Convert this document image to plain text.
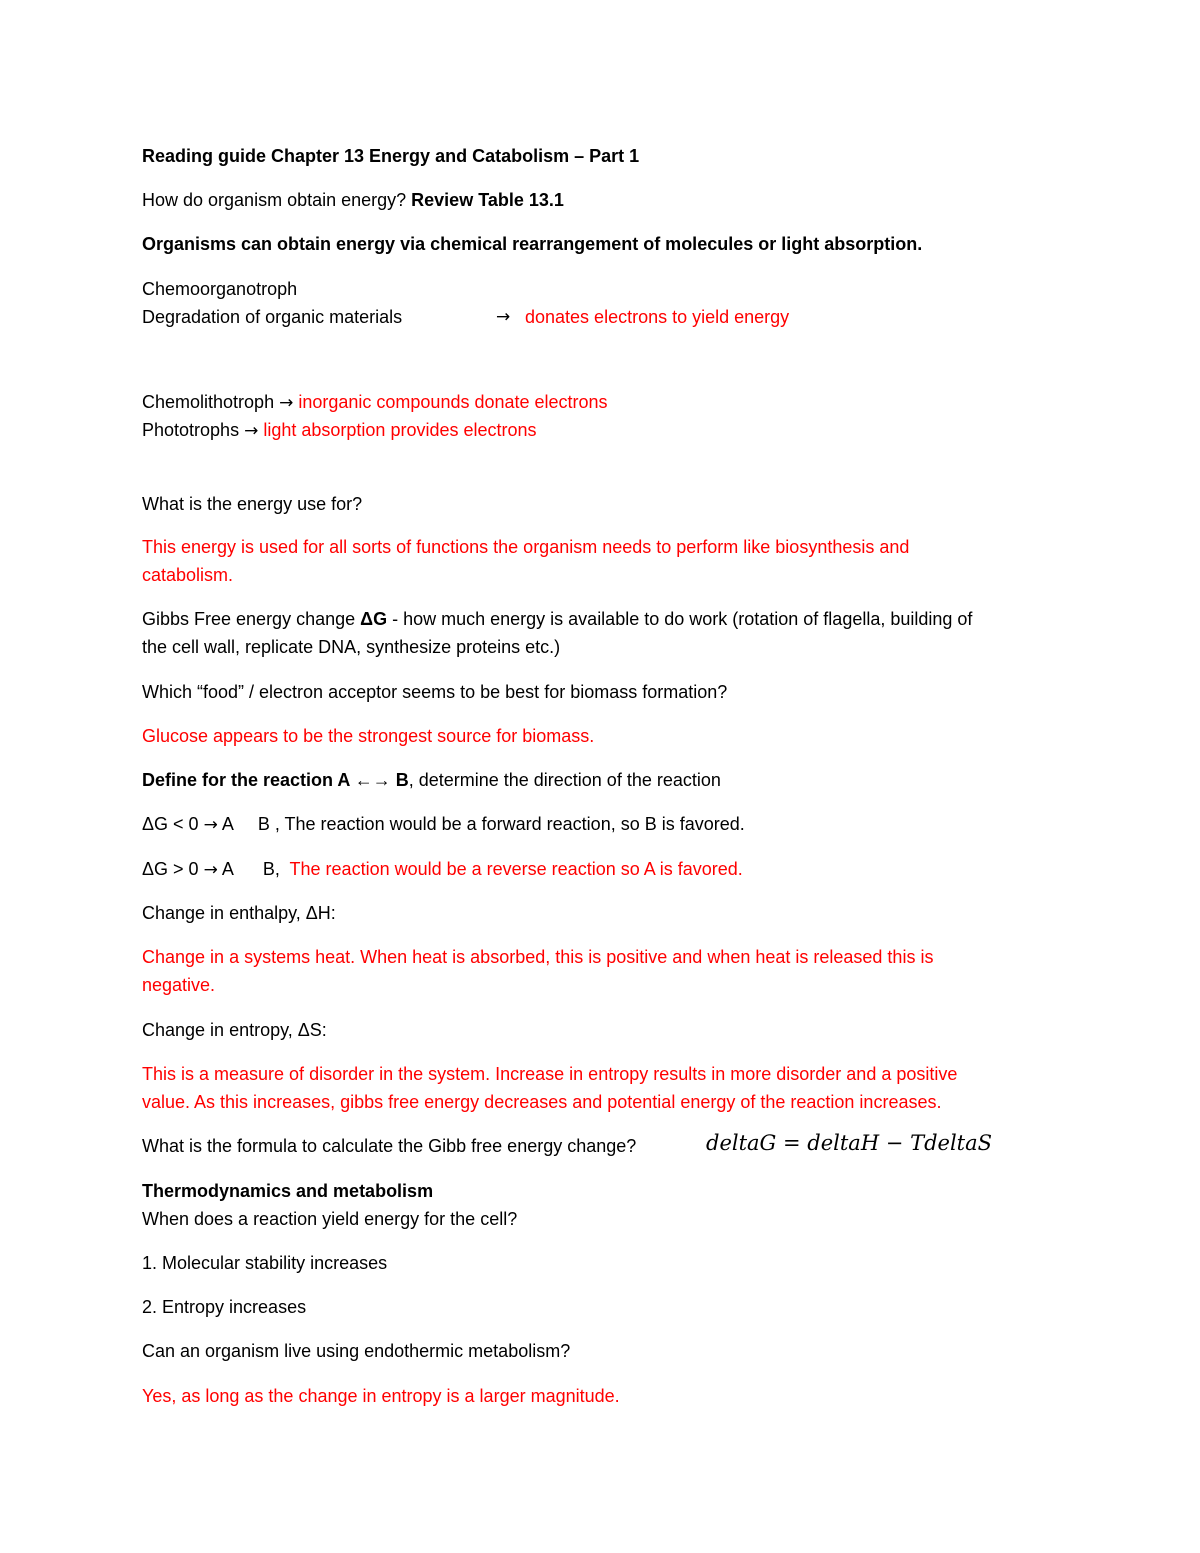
Reading guide Chapter 13 Energy and Catabolism – Part 1

How do organism obtain energy? Review Table 13.1

Organisms can obtain energy via chemical rearrangement of molecules or light absorption.

Chemoorganotroph

Degradation of organic materials	→ donates electrons to yield energy

Chemolithotroph → inorganic compounds donate electrons

Phototrophs → light absorption provides electrons

What is the energy use for?

This energy is used for all sorts of functions the organism needs to perform like biosynthesis and

catabolism.

Gibbs Free energy change ΔG - how much energy is available to do work (rotation of flagella, building of

the cell wall, replicate DNA, synthesize proteins etc.)

Which “food” / electron acceptor seems to be best for biomass formation?

Glucose appears to be the strongest source for biomass.

Define for the reaction A ←→ B, determine the direction of the reaction

ΔG < 0 → A     B , The reaction would be a forward reaction, so B is favored.

ΔG > 0 → A      B,  The reaction would be a reverse reaction so A is favored.

Change in enthalpy, ΔH:

Change in a systems heat. When heat is absorbed, this is positive and when heat is released this is

negative.

Change in entropy, ΔS:

This is a measure of disorder in the system. Increase in entropy results in more disorder and a positive

value. As this increases, gibbs free energy decreases and potential energy of the reaction increases.

What is the formula to calculate the Gibb free energy change?	deltaG = deltaH − TdeltaS

Thermodynamics and metabolism

When does a reaction yield energy for the cell?

1. Molecular stability increases

2. Entropy increases

Can an organism live using endothermic metabolism?

Yes, as long as the change in entropy is a larger magnitude.
